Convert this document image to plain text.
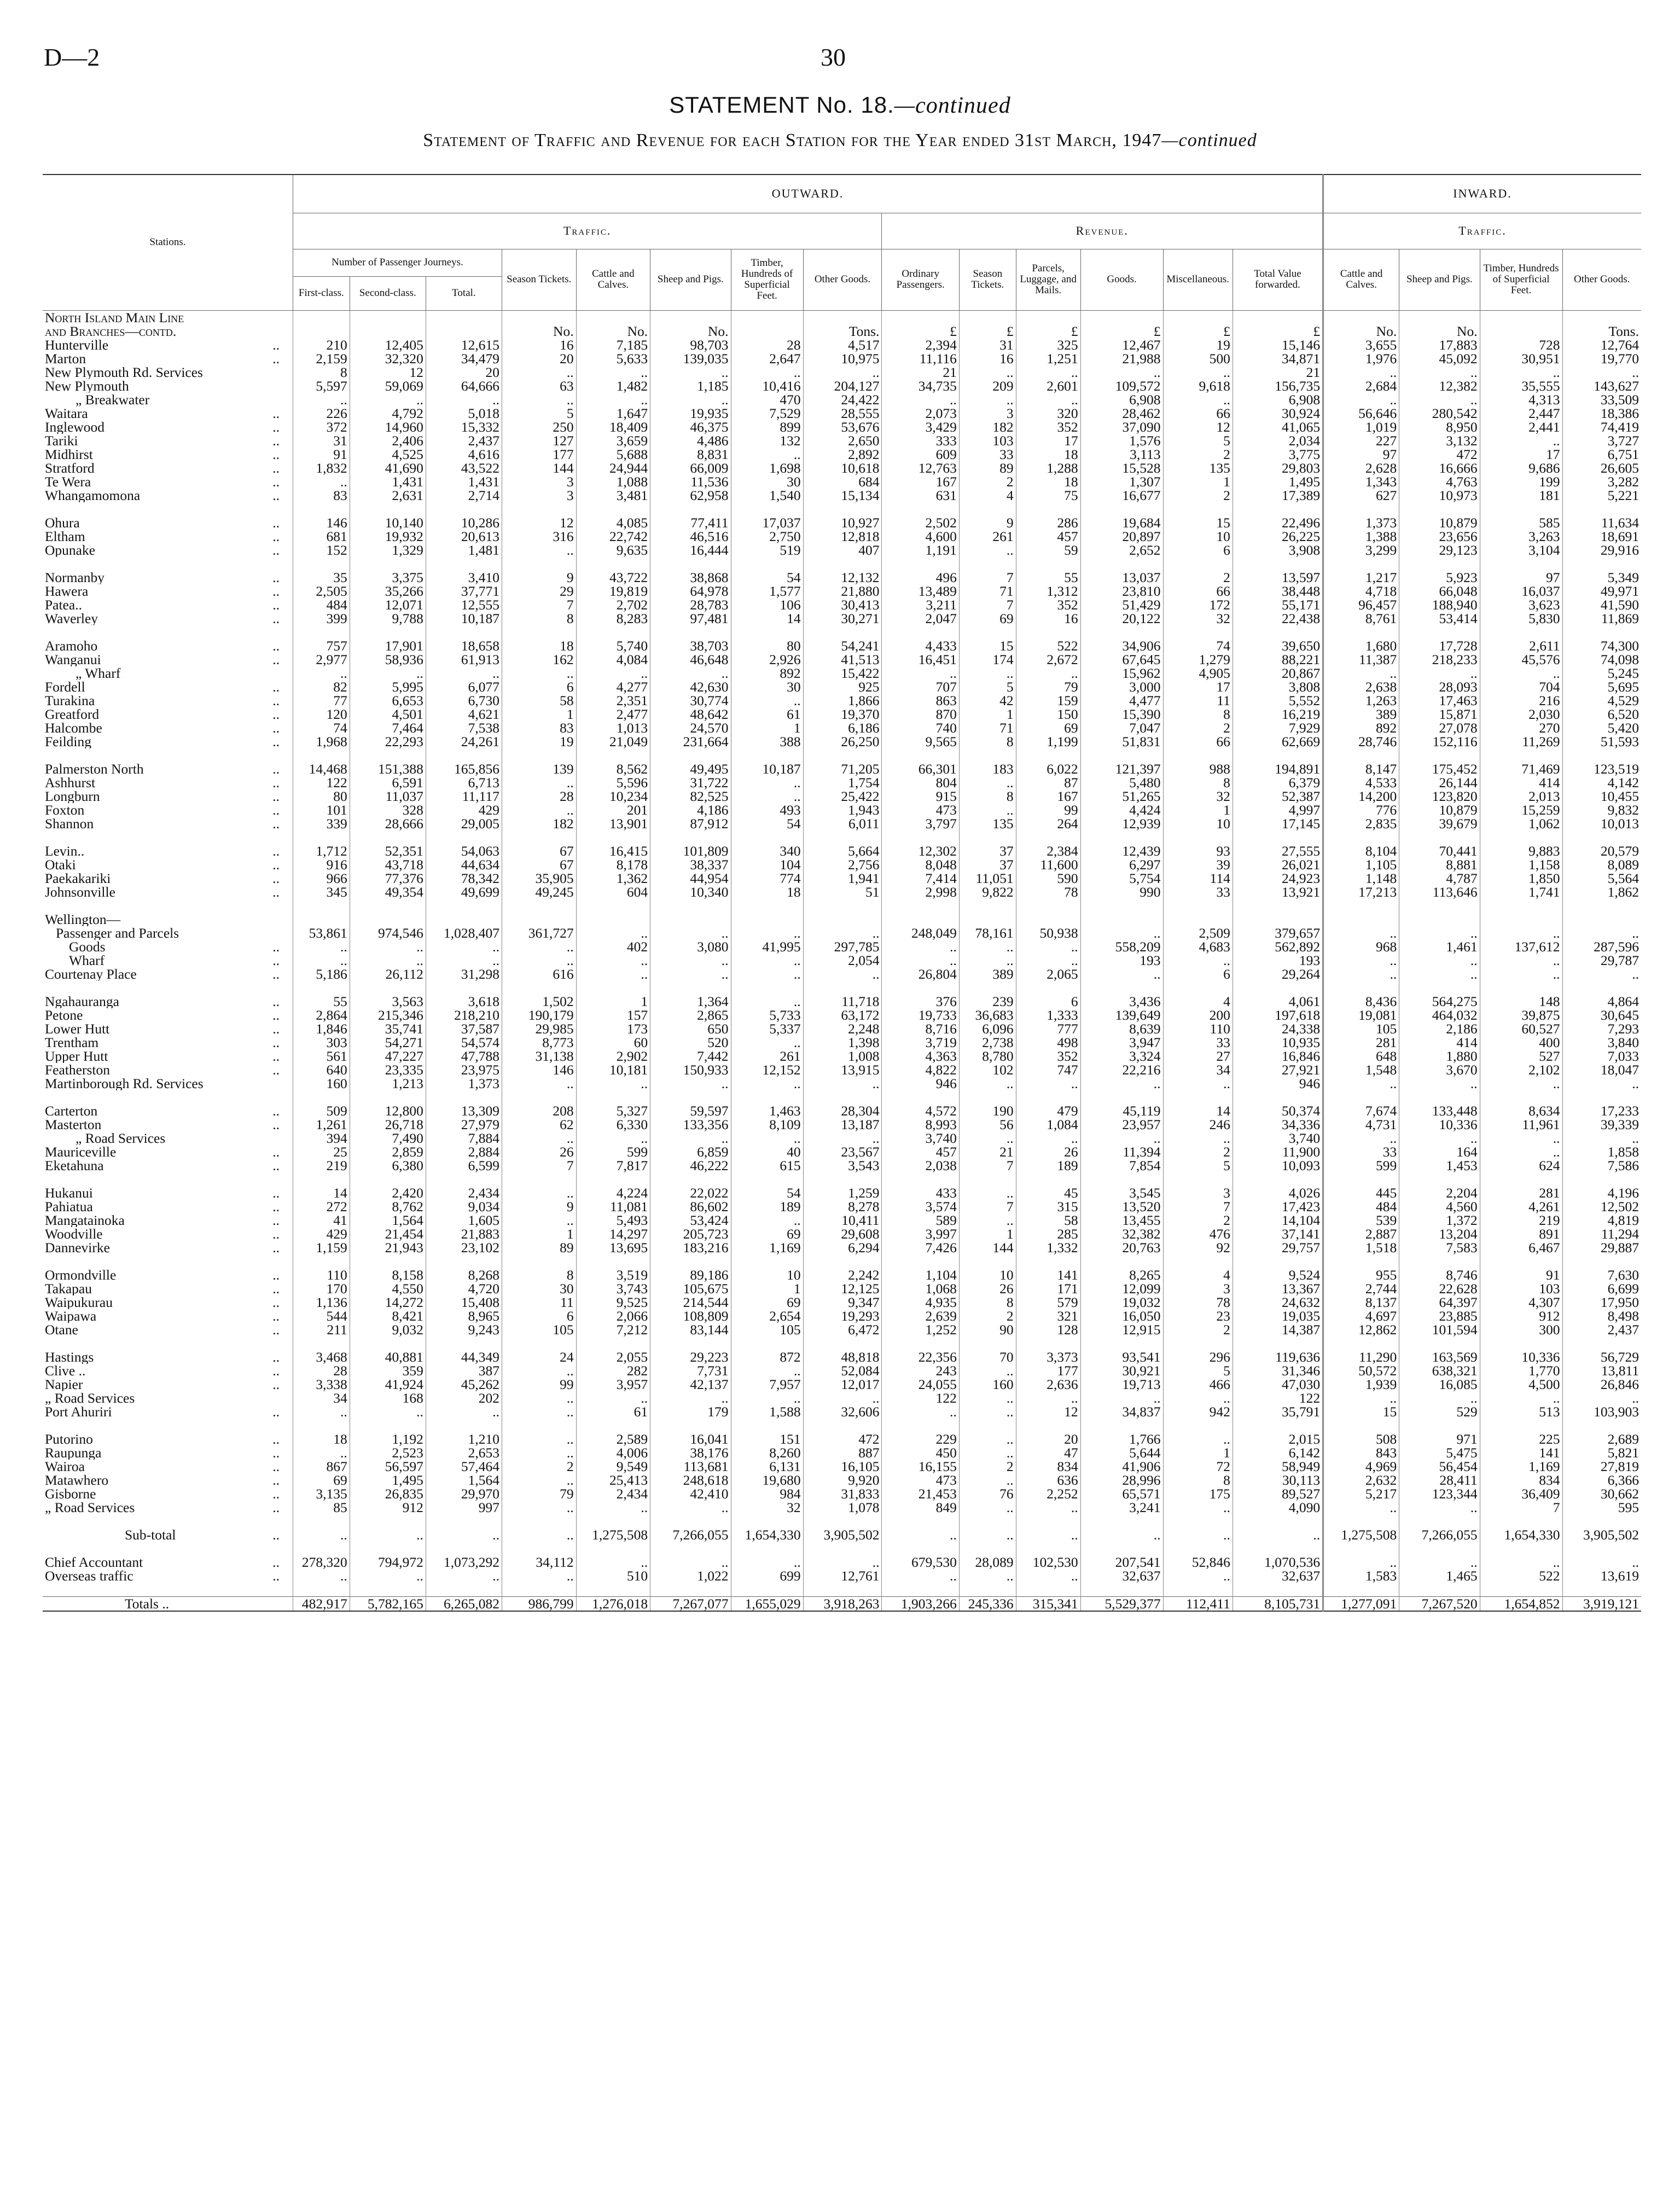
D—2	30
STATEMENT No. 18.—continued
Statement of Traffic and Revenue for each Station for the Year ended 31st March, 1947—continued
Stations.	OUTWARD.														INWARD.			
	Traffic.								Revenue.						Traffic.			
	Number of Passenger Journeys.			Season Tickets.	Cattle and Calves.	Sheep and Pigs.	Timber, Hundreds of Superficial Feet.	Other Goods.	Ordinary Passengers.	Season Tickets.	Parcels, Luggage, and Mails.	Goods.	Miscellaneous.	Total Value forwarded.	Cattle and Calves.	Sheep and Pigs.	Timber, Hundreds of Superficial Feet.	Other Goods.
	First-class.	Second-class.	Total.															
North Island Main Line																		
and Branches—contd.				No.	No.	No.		Tons.	£	£	£	£	£	£	No.	No.		Tons.
Hunterville ..	210	12,405	12,615	16	7,185	98,703	28	4,517	2,394	31	325	12,467	19	15,146	3,655	17,883	728	12,764
Marton ..	2,159	32,320	34,479	20	5,633	139,035	2,647	10,975	11,116	16	1,251	21,988	500	34,871	1,976	45,092	30,951	19,770
New Plymouth Rd. Services	8	12	20	..	..	..	..	..	21	..	..	..	..	21	..	..	..	..
New Plymouth	5,597	59,069	64,666	63	1,482	1,185	10,416	204,127	34,735	209	2,601	109,572	9,618	156,735	2,684	12,382	35,555	143,627
„ Breakwater	..	..	..	..	..	..	470	24,422	..	..	..	6,908	..	6,908	..	..	4,313	33,509
Waitara ..	226	4,792	5,018	5	1,647	19,935	7,529	28,555	2,073	3	320	28,462	66	30,924	56,646	280,542	2,447	18,386
Inglewood ..	372	14,960	15,332	250	18,409	46,375	899	53,676	3,429	182	352	37,090	12	41,065	1,019	8,950	2,441	74,419
Tariki ..	31	2,406	2,437	127	3,659	4,486	132	2,650	333	103	17	1,576	5	2,034	227	3,132	..	3,727
Midhirst ..	91	4,525	4,616	177	5,688	8,831	..	2,892	609	33	18	3,113	2	3,775	97	472	17	6,751
Stratford ..	1,832	41,690	43,522	144	24,944	66,009	1,698	10,618	12,763	89	1,288	15,528	135	29,803	2,628	16,666	9,686	26,605
Te Wera ..	..	1,431	1,431	3	1,088	11,536	30	684	167	2	18	1,307	1	1,495	1,343	4,763	199	3,282
Whangamomona ..	83	2,631	2,714	3	3,481	62,958	1,540	15,134	631	4	75	16,677	2	17,389	627	10,973	181	5,221

Ohura ..	146	10,140	10,286	12	4,085	77,411	17,037	10,927	2,502	9	286	19,684	15	22,496	1,373	10,879	585	11,634
Eltham ..	681	19,932	20,613	316	22,742	46,516	2,750	12,818	4,600	261	457	20,897	10	26,225	1,388	23,656	3,263	18,691
Opunake ..	152	1,329	1,481	..	9,635	16,444	519	407	1,191	..	59	2,652	6	3,908	3,299	29,123	3,104	29,916

Normanby ..	35	3,375	3,410	9	43,722	38,868	54	12,132	496	7	55	13,037	2	13,597	1,217	5,923	97	5,349
Hawera ..	2,505	35,266	37,771	29	19,819	64,978	1,577	21,880	13,489	71	1,312	23,810	66	38,448	4,718	66,048	16,037	49,971
Patea.. ..	484	12,071	12,555	7	2,702	28,783	106	30,413	3,211	7	352	51,429	172	55,171	96,457	188,940	3,623	41,590
Waverley ..	399	9,788	10,187	8	8,283	97,481	14	30,271	2,047	69	16	20,122	32	22,438	8,761	53,414	5,830	11,869

Aramoho ..	757	17,901	18,658	18	5,740	38,703	80	54,241	4,433	15	522	34,906	74	39,650	1,680	17,728	2,611	74,300
Wanganui ..	2,977	58,936	61,913	162	4,084	46,648	2,926	41,513	16,451	174	2,672	67,645	1,279	88,221	11,387	218,233	45,576	74,098
„ Wharf	..	..	..	..	..	..	892	15,422	..	..	..	15,962	4,905	20,867	..	..	..	5,245
Fordell ..	82	5,995	6,077	6	4,277	42,630	30	925	707	5	79	3,000	17	3,808	2,638	28,093	704	5,695
Turakina ..	77	6,653	6,730	58	2,351	30,774	..	1,866	863	42	159	4,477	11	5,552	1,263	17,463	216	4,529
Greatford ..	120	4,501	4,621	1	2,477	48,642	61	19,370	870	1	150	15,390	8	16,219	389	15,871	2,030	6,520
Halcombe ..	74	7,464	7,538	83	1,013	24,570	1	6,186	740	71	69	7,047	2	7,929	892	27,078	270	5,420
Feilding ..	1,968	22,293	24,261	19	21,049	231,664	388	26,250	9,565	8	1,199	51,831	66	62,669	28,746	152,116	11,269	51,593

Palmerston North ..	14,468	151,388	165,856	139	8,562	49,495	10,187	71,205	66,301	183	6,022	121,397	988	194,891	8,147	175,452	71,469	123,519
Ashhurst ..	122	6,591	6,713	..	5,596	31,722	..	1,754	804	..	87	5,480	8	6,379	4,533	26,144	414	4,142
Longburn ..	80	11,037	11,117	28	10,234	82,525	..	25,422	915	8	167	51,265	32	52,387	14,200	123,820	2,013	10,455
Foxton ..	101	328	429	..	201	4,186	493	1,943	473	..	99	4,424	1	4,997	776	10,879	15,259	9,832
Shannon ..	339	28,666	29,005	182	13,901	87,912	54	6,011	3,797	135	264	12,939	10	17,145	2,835	39,679	1,062	10,013

Levin.. ..	1,712	52,351	54,063	67	16,415	101,809	340	5,664	12,302	37	2,384	12,439	93	27,555	8,104	70,441	9,883	20,579
Otaki ..	916	43,718	44,634	67	8,178	38,337	104	2,756	8,048	37	11,600	6,297	39	26,021	1,105	8,881	1,158	8,089
Paekakariki ..	966	77,376	78,342	35,905	1,362	44,954	774	1,941	7,414	11,051	590	5,754	114	24,923	1,148	4,787	1,850	5,564
Johnsonville ..	345	49,354	49,699	49,245	604	10,340	18	51	2,998	9,822	78	990	33	13,921	17,213	113,646	1,741	1,862

Wellington—																		
Passenger and Parcels	53,861	974,546	1,028,407	361,727	..	..	..	..	248,049	78,161	50,938	..	2,509	379,657	..	..	..	..
Goods ..	..	..	..	..	402	3,080	41,995	297,785	..	..	..	558,209	4,683	562,892	968	1,461	137,612	287,596
Wharf ..	..	..	..	..	..	..	..	2,054	..	..	..	193	..	193	..	..	..	29,787
Courtenay Place ..	5,186	26,112	31,298	616	..	..	..	..	26,804	389	2,065	..	6	29,264	..	..	..	..

Ngahauranga ..	55	3,563	3,618	1,502	1	1,364	..	11,718	376	239	6	3,436	4	4,061	8,436	564,275	148	4,864
Petone ..	2,864	215,346	218,210	190,179	157	2,865	5,733	63,172	19,733	36,683	1,333	139,649	200	197,618	19,081	464,032	39,875	30,645
Lower Hutt ..	1,846	35,741	37,587	29,985	173	650	5,337	2,248	8,716	6,096	777	8,639	110	24,338	105	2,186	60,527	7,293
Trentham ..	303	54,271	54,574	8,773	60	520	..	1,398	3,719	2,738	498	3,947	33	10,935	281	414	400	3,840
Upper Hutt ..	561	47,227	47,788	31,138	2,902	7,442	261	1,008	4,363	8,780	352	3,324	27	16,846	648	1,880	527	7,033
Featherston ..	640	23,335	23,975	146	10,181	150,933	12,152	13,915	4,822	102	747	22,216	34	27,921	1,548	3,670	2,102	18,047
Martinborough Rd. Services	160	1,213	1,373	..	..	..	..	..	946	..	..	..	..	946	..	..	..	..

Carterton ..	509	12,800	13,309	208	5,327	59,597	1,463	28,304	4,572	190	479	45,119	14	50,374	7,674	133,448	8,634	17,233
Masterton ..	1,261	26,718	27,979	62	6,330	133,356	8,109	13,187	8,993	56	1,084	23,957	246	34,336	4,731	10,336	11,961	39,339
„ Road Services	394	7,490	7,884	..	..	..	..	..	3,740	..	..	..	..	3,740	..	..	..	..
Mauriceville ..	25	2,859	2,884	26	599	6,859	40	23,567	457	21	26	11,394	2	11,900	33	164	..	1,858
Eketahuna ..	219	6,380	6,599	7	7,817	46,222	615	3,543	2,038	7	189	7,854	5	10,093	599	1,453	624	7,586

Hukanui ..	14	2,420	2,434	..	4,224	22,022	54	1,259	433	..	45	3,545	3	4,026	445	2,204	281	4,196
Pahiatua ..	272	8,762	9,034	9	11,081	86,602	189	8,278	3,574	7	315	13,520	7	17,423	484	4,560	4,261	12,502
Mangatainoka ..	41	1,564	1,605	..	5,493	53,424	..	10,411	589	..	58	13,455	2	14,104	539	1,372	219	4,819
Woodville ..	429	21,454	21,883	1	14,297	205,723	69	29,608	3,997	1	285	32,382	476	37,141	2,887	13,204	891	11,294
Dannevirke ..	1,159	21,943	23,102	89	13,695	183,216	1,169	6,294	7,426	144	1,332	20,763	92	29,757	1,518	7,583	6,467	29,887

Ormondville ..	110	8,158	8,268	8	3,519	89,186	10	2,242	1,104	10	141	8,265	4	9,524	955	8,746	91	7,630
Takapau ..	170	4,550	4,720	30	3,743	105,675	1	12,125	1,068	26	171	12,099	3	13,367	2,744	22,628	103	6,699
Waipukurau ..	1,136	14,272	15,408	11	9,525	214,544	69	9,347	4,935	8	579	19,032	78	24,632	8,137	64,397	4,307	17,950
Waipawa ..	544	8,421	8,965	6	2,066	108,809	2,654	19,293	2,639	2	321	16,050	23	19,035	4,697	23,885	912	8,498
Otane ..	211	9,032	9,243	105	7,212	83,144	105	6,472	1,252	90	128	12,915	2	14,387	12,862	101,594	300	2,437

Hastings ..	3,468	40,881	44,349	24	2,055	29,223	872	48,818	22,356	70	3,373	93,541	296	119,636	11,290	163,569	10,336	56,729
Clive .. ..	28	359	387	..	282	7,731	..	52,084	243	..	177	30,921	5	31,346	50,572	638,321	1,770	13,811
Napier ..	3,338	41,924	45,262	99	3,957	42,137	7,957	12,017	24,055	160	2,636	19,713	466	47,030	1,939	16,085	4,500	26,846
„ Road Services	34	168	202	..	..	..	..	..	122	..	..	..	..	122	..	..	..	..
Port Ahuriri ..	..	..	..	..	61	179	1,588	32,606	..	..	12	34,837	942	35,791	15	529	513	103,903

Putorino ..	18	1,192	1,210	..	2,589	16,041	151	472	229	..	20	1,766	..	2,015	508	971	225	2,689
Raupunga ..	..	2,523	2,653	..	4,006	38,176	8,260	887	450	..	47	5,644	1	6,142	843	5,475	141	5,821
Wairoa ..	867	56,597	57,464	2	9,549	113,681	6,131	16,105	16,155	2	834	41,906	72	58,949	4,969	56,454	1,169	27,819
Matawhero ..	69	1,495	1,564	..	25,413	248,618	19,680	9,920	473	..	636	28,996	8	30,113	2,632	28,411	834	6,366
Gisborne ..	3,135	26,835	29,970	79	2,434	42,410	984	31,833	21,453	76	2,252	65,571	175	89,527	5,217	123,344	36,409	30,662
„ Road Services ..	85	912	997	..	..	..	32	1,078	849	..	..	3,241	..	4,090	..	..	7	595

Sub-total ..	..	..	..	..	1,275,508	7,266,055	1,654,330	3,905,502	..	..	..	..	..	..	1,275,508	7,266,055	1,654,330	3,905,502

Chief Accountant ..	278,320	794,972	1,073,292	34,112	..	..	..	..	679,530	28,089	102,530	207,541	52,846	1,070,536	..	..	..	..
Overseas traffic ..	..	..	..	..	510	1,022	699	12,761	..	..	..	32,637	..	32,637	1,583	1,465	522	13,619

Totals ..	482,917	5,782,165	6,265,082	986,799	1,276,018	7,267,077	1,655,029	3,918,263	1,903,266	245,336	315,341	5,529,377	112,411	8,105,731	1,277,091	7,267,520	1,654,852	3,919,121
